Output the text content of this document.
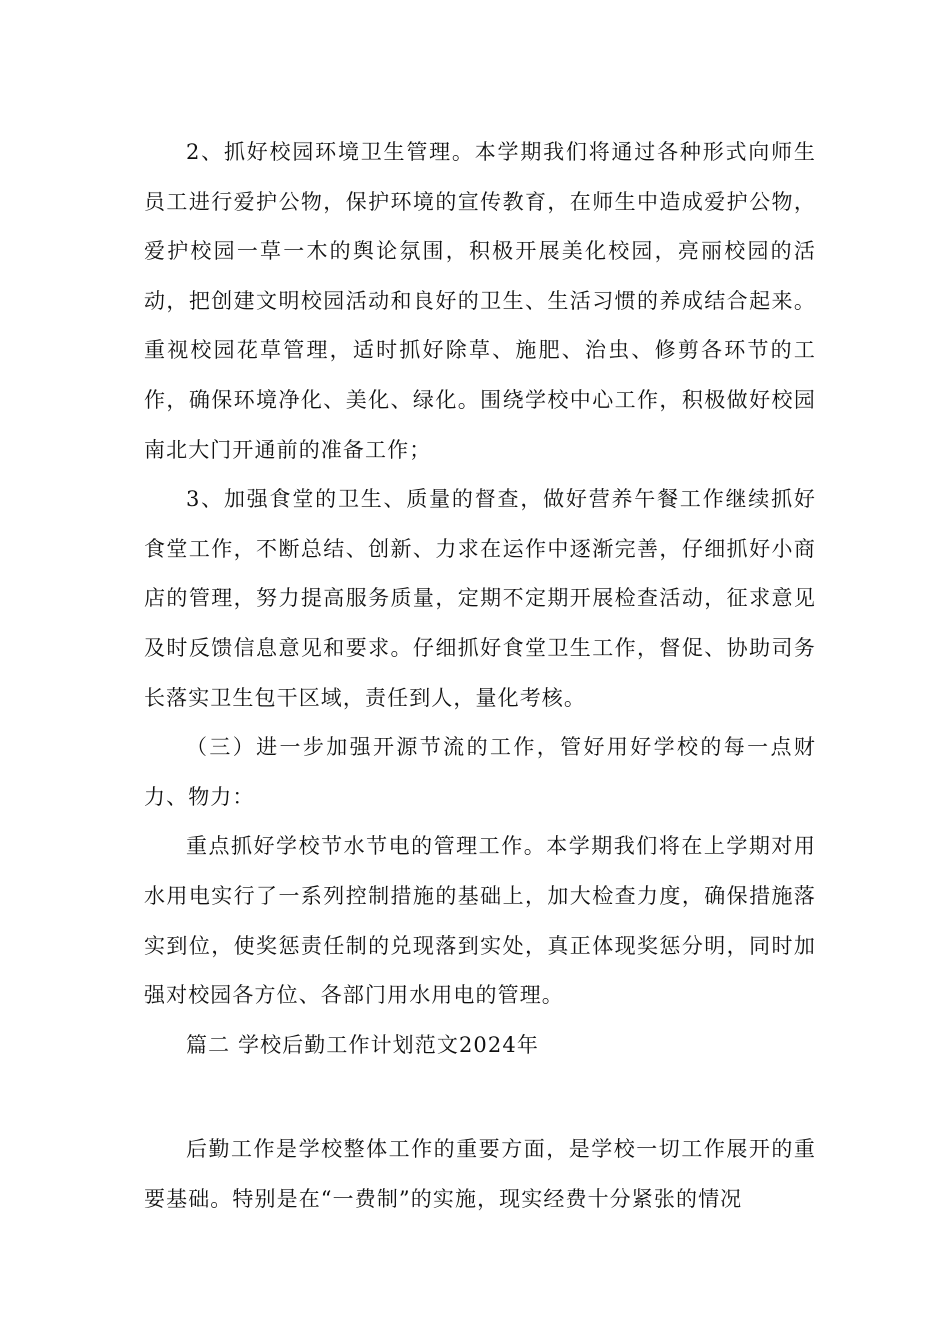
2、抓好校园环境卫生管理。本学期我们将通过各种形式向师生员工进行爱护公物，保护环境的宣传教育，在师生中造成爱护公物，爱护校园一草一木的舆论氛围，积极开展美化校园，亮丽校园的活动，把创建文明校园活动和良好的卫生、生活习惯的养成结合起来。重视校园花草管理，适时抓好除草、施肥、治虫、修剪各环节的工作，确保环境净化、美化、绿化。围绕学校中心工作，积极做好校园南北大门开通前的准备工作；

3、加强食堂的卫生、质量的督查，做好营养午餐工作继续抓好食堂工作，不断总结、创新、力求在运作中逐渐完善，仔细抓好小商店的管理，努力提高服务质量，定期不定期开展检查活动，征求意见及时反馈信息意见和要求。仔细抓好食堂卫生工作，督促、协助司务长落实卫生包干区域，责任到人，量化考核。

（三）进一步加强开源节流的工作，管好用好学校的每一点财力、物力：

重点抓好学校节水节电的管理工作。本学期我们将在上学期对用水用电实行了一系列控制措施的基础上，加大检查力度，确保措施落实到位，使奖惩责任制的兑现落到实处，真正体现奖惩分明，同时加强对校园各方位、各部门用水用电的管理。

篇二 学校后勤工作计划范文2024年

后勤工作是学校整体工作的重要方面，是学校一切工作展开的重要基础。特别是在“一费制”的实施，现实经费十分紧张的情况
